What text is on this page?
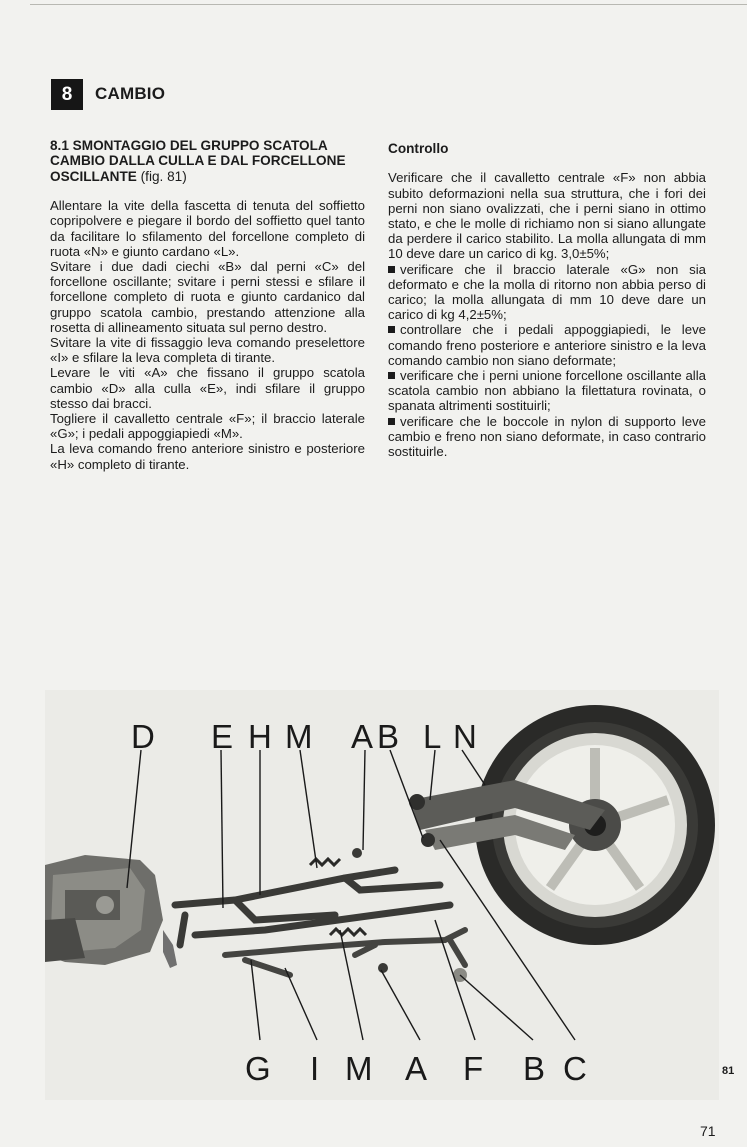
8	CAMBIO
8.1 SMONTAGGIO DEL GRUPPO SCATOLA CAMBIO DALLA CULLA E DAL FORCELLONE OSCILLANTE (fig. 81)

Allentare la vite della fascetta di tenuta del soffietto copripolvere e piegare il bordo del soffietto quel tanto da facilitare lo sfilamento del forcellone completo di ruota «N» e giunto cardano «L».

Svitare i due dadi ciechi «B» dal perni «C» del forcellone oscillante; svitare i perni stessi e sfilare il forcellone completo di ruota e giunto cardanico dal gruppo scatola cambio, prestando attenzione alla rosetta di allineamento situata sul perno destro.

Svitare la vite di fissaggio leva comando preselettore «I» e sfilare la leva completa di tirante.

Levare le viti «A» che fissano il gruppo scatola cambio «D» alla culla «E», indi sfilare il gruppo stesso dai bracci.

Togliere il cavalletto centrale «F»; il braccio laterale «G»; i pedali appoggiapiedi «M».

La leva comando freno anteriore sinistro e posteriore «H» completo di tirante.

Controllo

Verificare che il cavalletto centrale «F» non abbia subito deformazioni nella sua struttura, che i fori dei perni non siano ovalizzati, che i perni siano in ottimo stato, e che le molle di richiamo non si siano allungate da perdere il carico stabilito. La molla allungata di mm 10 deve dare un carico di kg. 3,0±5%;

verificare che il braccio laterale «G» non sia deformato e che la molla di ritorno non abbia perso di carico; la molla allungata di mm 10 deve dare un carico di kg 4,2±5%;

controllare che i pedali appoggiapiedi, le leve comando freno posteriore e anteriore sinistro e la leva comando cambio non siano deformate;

verificare che i perni unione forcellone oscillante alla scatola cambio non abbiano la filettatura rovinata, o spanata altrimenti sostituirli;

verificare che le boccole in nylon di supporto leve cambio e freno non siano deformate, in caso contrario sostituirle.

D E H M A B L N
G I M A F B C	81
71
